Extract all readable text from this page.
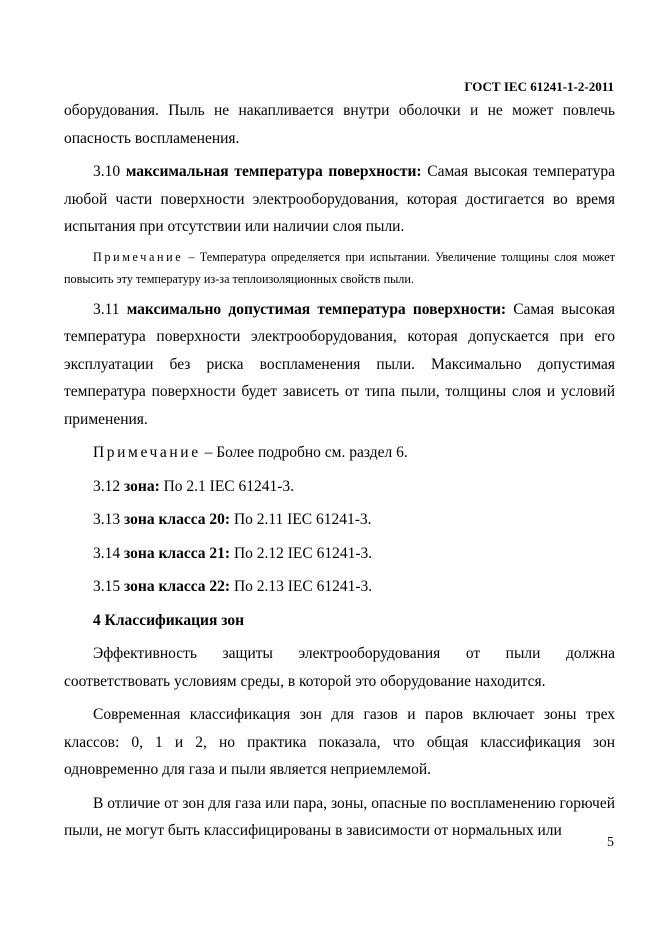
ГОСТ IEC 61241-1-2-2011

оборудования. Пыль не накапливается внутри оболочки и не может повлечь опасность воспламенения.

3.10 максимальная температура поверхности: Самая высокая температура любой части поверхности электрооборудования, которая достигается во время испытания при отсутствии или наличии слоя пыли.

Примечание – Температура определяется при испытании. Увеличение толщины слоя может повысить эту температуру из-за теплоизоляционных свойств пыли.

3.11 максимально допустимая температура поверхности: Самая высокая температура поверхности электрооборудования, которая допускается при его эксплуатации без риска воспламенения пыли. Максимально допустимая температура поверхности будет зависеть от типа пыли, толщины слоя и условий применения.

Примечание – Более подробно см. раздел 6.

3.12 зона: По 2.1 IEC 61241-3.

3.13 зона класса 20: По 2.11 IEC 61241-3.

3.14 зона класса 21: По 2.12 IEC 61241-3.

3.15 зона класса 22: По 2.13 IEC 61241-3.

4 Классификация зон

Эффективность защиты электрооборудования от пыли должна соответствовать условиям среды, в которой это оборудование находится.

Современная классификация зон для газов и паров включает зоны трех классов: 0, 1 и 2, но практика показала, что общая классификация зон одновременно для газа и пыли является неприемлемой.

В отличие от зон для газа или пара, зоны, опасные по воспламенению горючей пыли, не могут быть классифицированы в зависимости от нормальных или

5
